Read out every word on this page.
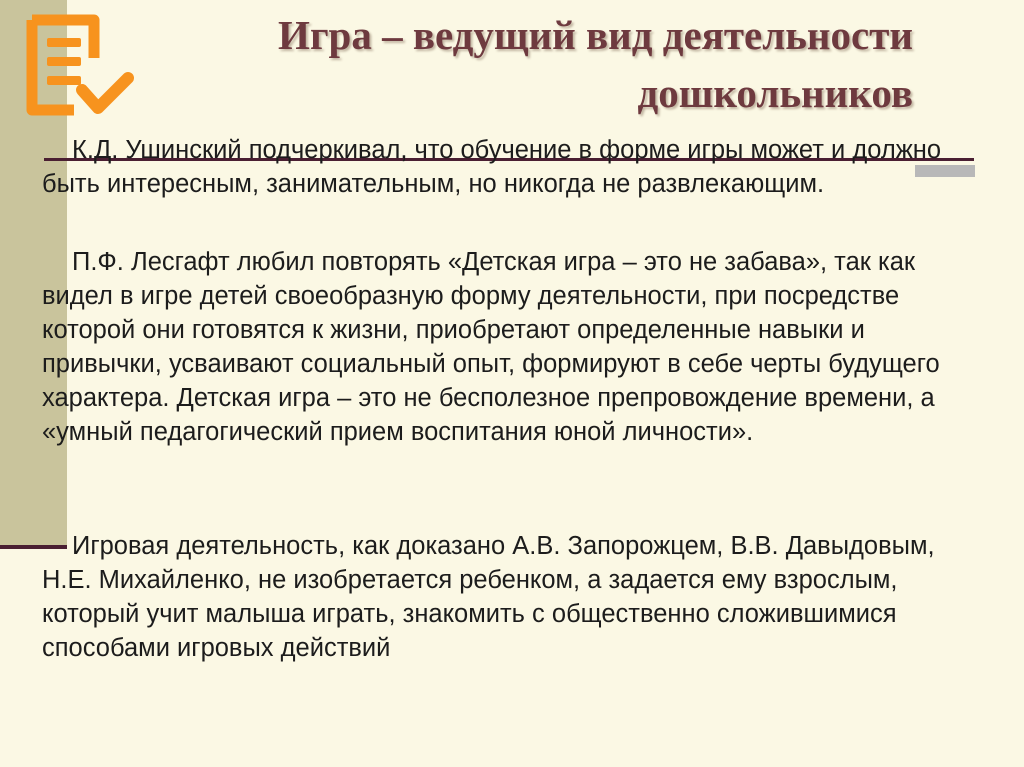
Игра – ведущий вид деятельности
дошкольников

К.Д. Ушинский подчеркивал, что обучение в форме игры может и должно быть интересным, занимательным, но никогда не развлекающим.

П.Ф. Лесгафт любил повторять «Детская игра – это не забава», так как видел в игре детей своеобразную форму деятельности, при посредстве которой они готовятся к жизни, приобретают определенные навыки и привычки, усваивают социальный опыт, формируют в себе черты будущего характера. Детская игра – это не бесполезное препровождение времени, а «умный педагогический прием воспитания юной личности».

Игровая деятельность, как доказано А.В. Запорожцем, В.В. Давыдовым, Н.Е. Михайленко, не изобретается ребенком, а задается ему взрослым, который учит малыша играть, знакомить с общественно сложившимися способами игровых действий
